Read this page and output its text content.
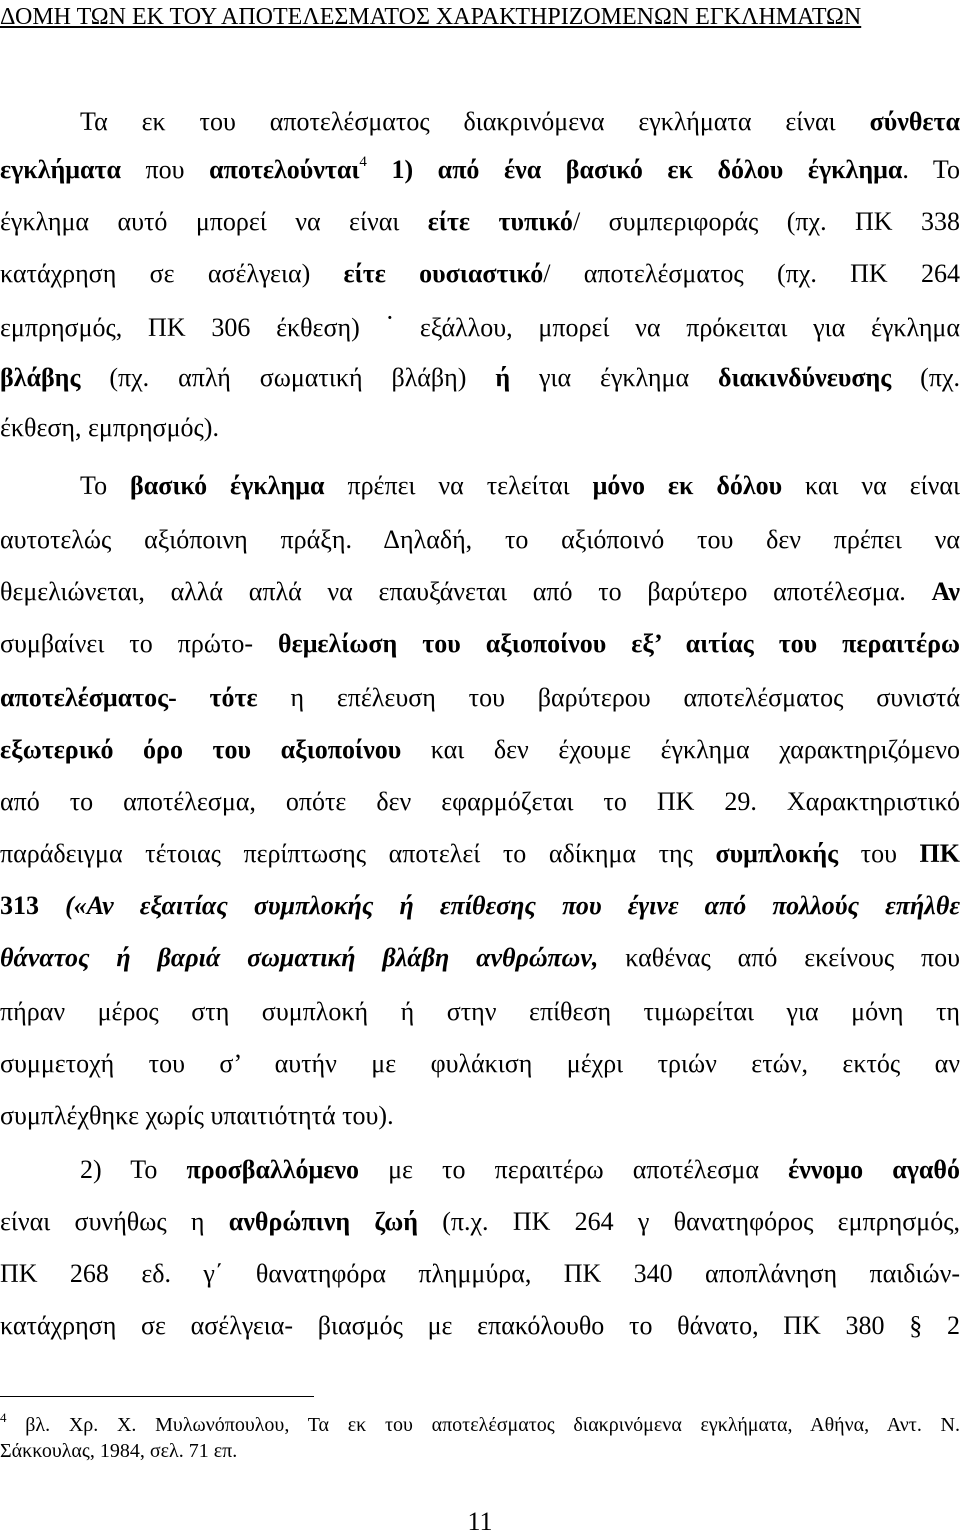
ΔΟΜΗ ΤΩΝ ΕΚ ΤΟΥ ΑΠΟΤΕΛΕΣΜΑΤΟΣ ΧΑΡΑΚΤΗΡΙΖΟΜΕΝΩΝ ΕΓΚΛΗΜΑΤΩΝ
Τα εκ του αποτελέσματος διακρινόμενα εγκλήματα είναι σύνθετα
εγκλήματα που αποτελούνται$^4$ 1) από ένα βασικό εκ δόλου έγκλημα. Το
έγκλημα αυτό μπορεί να είναι είτε τυπικό/ συμπεριφοράς (πχ. ΠΚ 338
κατάχρηση σε ασέλγεια) είτε ουσιαστικό/ αποτελέσματος (πχ. ΠΚ 264
εμπρησμός, ΠΚ 306 έκθεση) · εξάλλου, μπορεί να πρόκειται για έγκλημα
βλάβης (πχ. απλή σωματική βλάβη) ή για έγκλημα διακινδύνευσης (πχ.
έκθεση, εμπρησμός).
Το βασικό έγκλημα πρέπει να τελείται μόνο εκ δόλου και να είναι
αυτοτελώς αξιόποινη πράξη. Δηλαδή, το αξιόποινό του δεν πρέπει να
θεμελιώνεται, αλλά απλά να επαυξάνεται από το βαρύτερο αποτέλεσμα. Αν
συμβαίνει το πρώτο- θεμελίωση του αξιοποίνου εξ’ αιτίας του περαιτέρω
αποτελέσματος- τότε η επέλευση του βαρύτερου αποτελέσματος συνιστά
εξωτερικό όρο του αξιοποίνου και δεν έχουμε έγκλημα χαρακτηριζόμενο
από το αποτέλεσμα, οπότε δεν εφαρμόζεται το ΠΚ 29. Χαρακτηριστικό
παράδειγμα τέτοιας περίπτωσης αποτελεί το αδίκημα της συμπλοκής του ΠΚ
313 («Αν εξαιτίας συμπλοκής ή επίθεσης που έγινε από πολλούς επήλθε
θάνατος ή βαριά σωματική βλάβη ανθρώπων, καθένας από εκείνους που
πήραν μέρος στη συμπλοκή ή στην επίθεση τιμωρείται για μόνη τη
συμμετοχή του σ’ αυτήν με φυλάκιση μέχρι τριών ετών, εκτός αν
συμπλέχθηκε χωρίς υπαιτιότητά του).
2) Το προσβαλλόμενο με το περαιτέρω αποτέλεσμα έννομο αγαθό
είναι συνήθως η ανθρώπινη ζωή (π.χ. ΠΚ 264 γ θανατηφόρος εμπρησμός,
ΠΚ 268 εδ. γ΄ θανατηφόρα πλημμύρα, ΠΚ 340 αποπλάνηση παιδιών-
κατάχρηση σε ασέλγεια- βιασμός με επακόλουθο το θάνατο, ΠΚ 380 § 2
$^4$ βλ. Χρ. Χ. Μυλωνόπουλου, Τα εκ του αποτελέσματος διακρινόμενα εγκλήματα, Αθήνα, Αντ. Ν.
Σάκκουλας, 1984, σελ. 71 επ.
11
